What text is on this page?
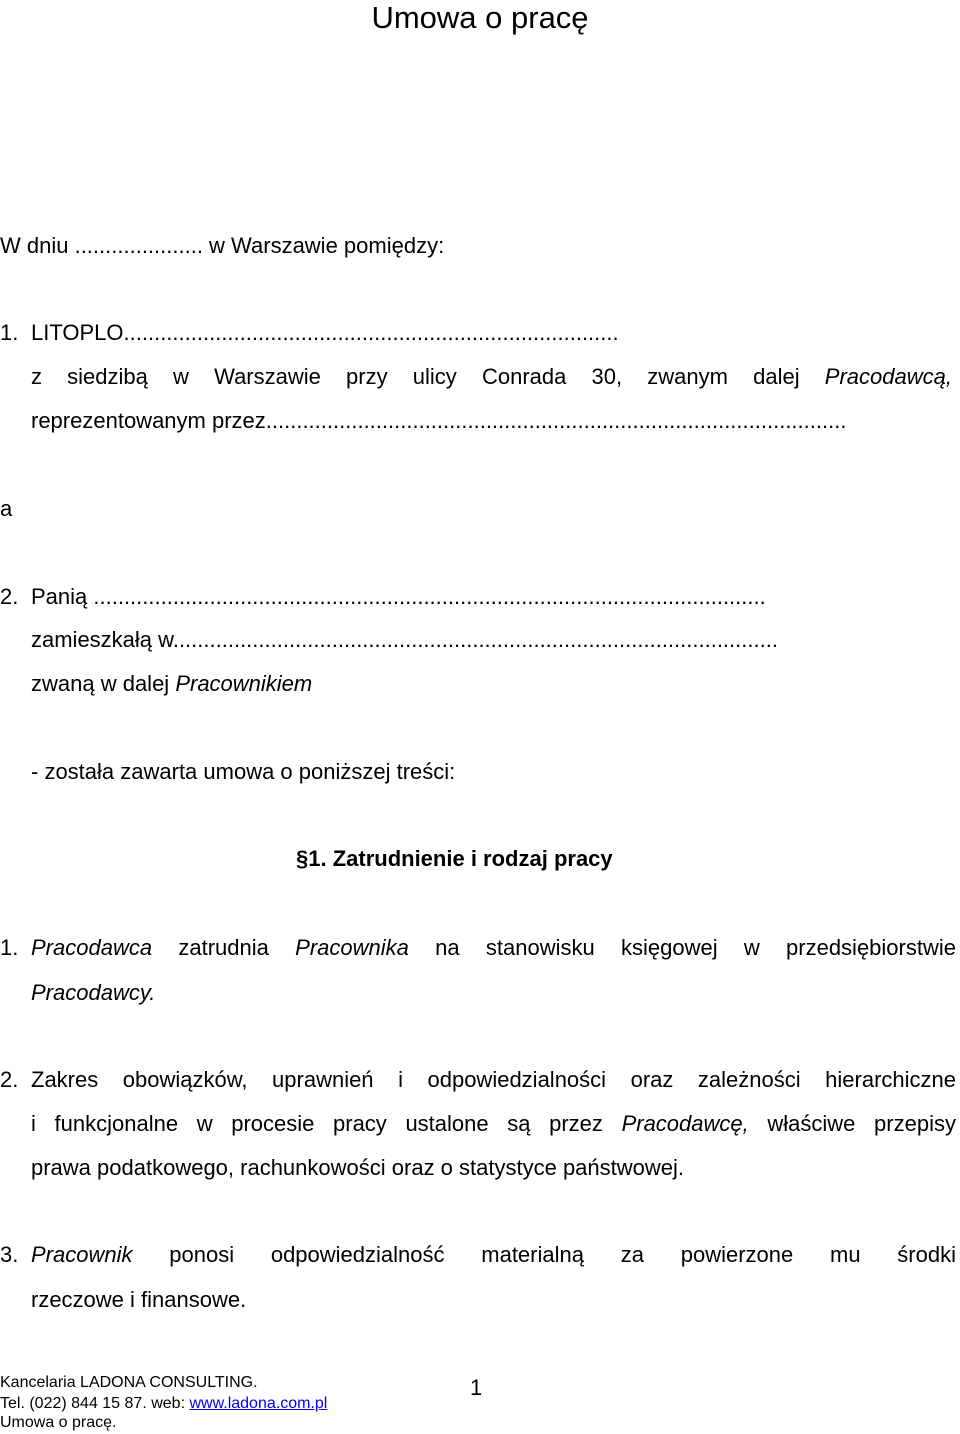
Umowa o pracę
W dniu ..................... w Warszawie pomiędzy:
1. LITOPLO.................................................................................
z siedzibą w Warszawie przy ulicy Conrada 30, zwanym dalej Pracodawcą,
reprezentowanym przez...............................................................................................
a
2. Panią ..............................................................................................................
zamieszkałą w...................................................................................................
zwaną w dalej Pracownikiem
- została zawarta umowa o poniższej treści:
§1. Zatrudnienie i rodzaj pracy
1. Pracodawca zatrudnia Pracownika na stanowisku księgowej w przedsiębiorstwie
Pracodawcy.
2. Zakres obowiązków, uprawnień i odpowiedzialności oraz zależności hierarchiczne
i funkcjonalne w procesie pracy ustalone są przez Pracodawcę, właściwe przepisy
prawa podatkowego, rachunkowości oraz o statystyce państwowej.
3. Pracownik ponosi odpowiedzialność materialną za powierzone mu środki
rzeczowe i finansowe.
Kancelaria LADONA CONSULTING.
Tel. (022) 844 15 87. web: www.ladona.com.pl
Umowa o pracę.
1
